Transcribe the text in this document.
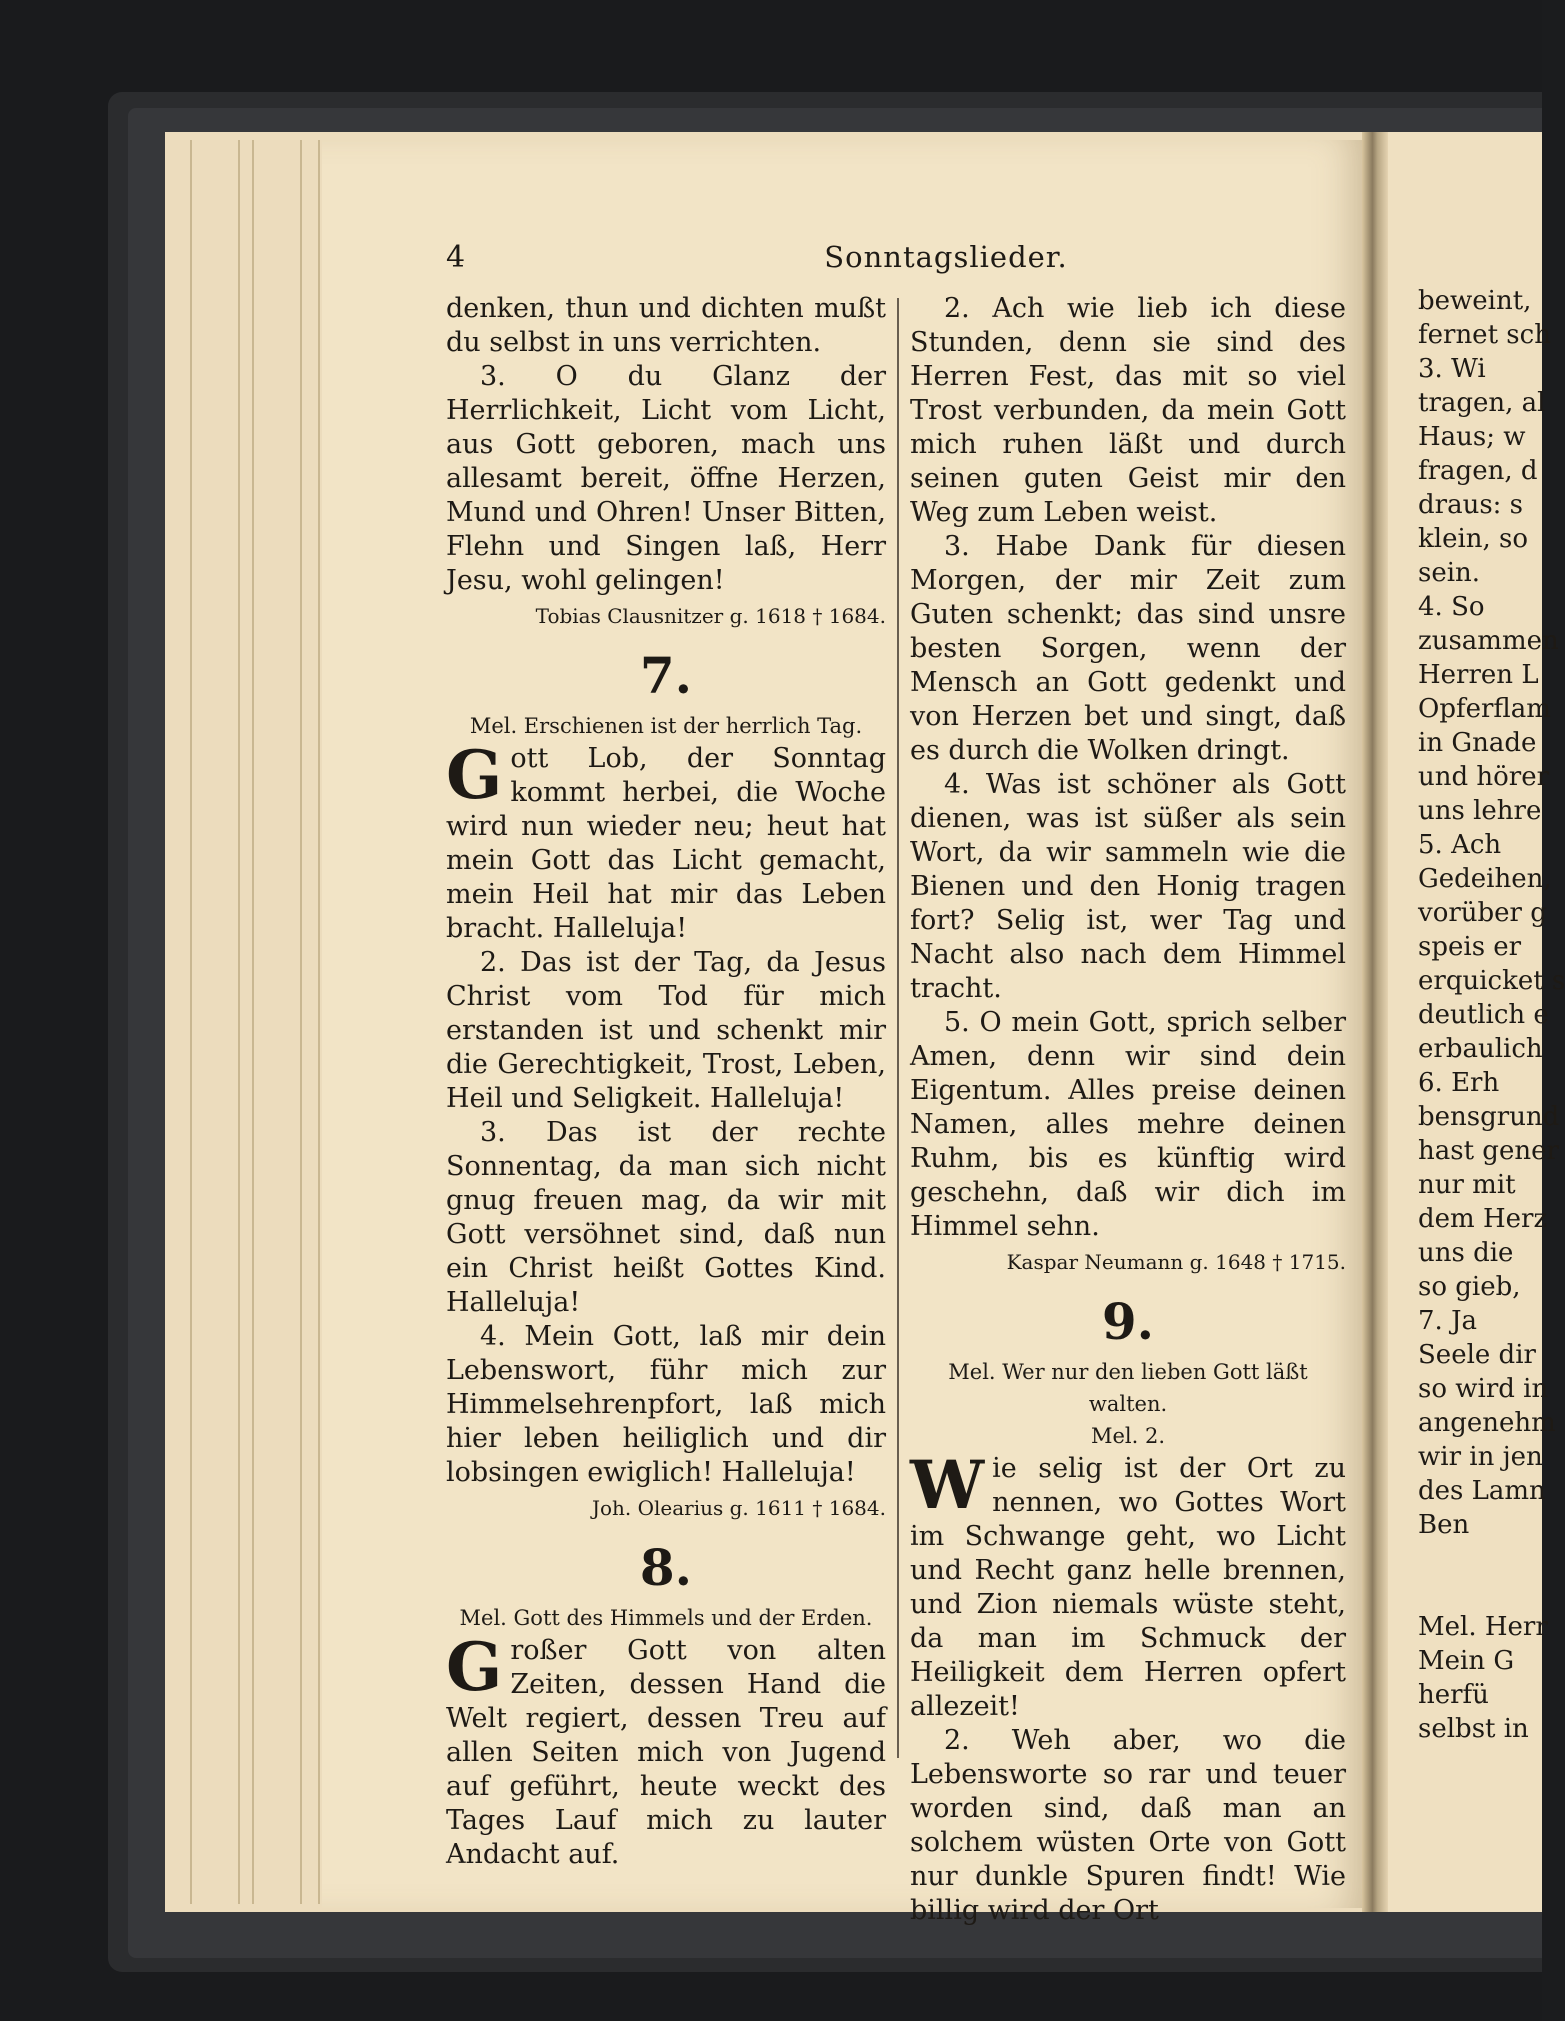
4	Sonntagslieder.

denken, thun und dichten mußt du selbst in uns verrichten.

3. O du Glanz der Herrlichkeit, Licht vom Licht, aus Gott geboren, mach uns allesamt bereit, öffne Herzen, Mund und Ohren! Unser Bitten, Flehn und Singen laß, Herr Jesu, wohl gelingen!

Tobias Clausnitzer g. 1618 † 1684.

7.

Mel. Erschienen ist der herrlich Tag.

Gott Lob, der Sonntag kommt herbei, die Woche wird nun wieder neu; heut hat mein Gott das Licht gemacht, mein Heil hat mir das Leben bracht. Halleluja!

2. Das ist der Tag, da Jesus Christ vom Tod für mich erstanden ist und schenkt mir die Gerechtigkeit, Trost, Leben, Heil und Seligkeit. Halleluja!

3. Das ist der rechte Sonnentag, da man sich nicht gnug freuen mag, da wir mit Gott versöhnet sind, daß nun ein Christ heißt Gottes Kind. Halleluja!

4. Mein Gott, laß mir dein Lebenswort, führ mich zur Himmelsehrenpfort, laß mich hier leben heiliglich und dir lobsingen ewiglich! Halleluja!

Joh. Olearius g. 1611 † 1684.

8.

Mel. Gott des Himmels und der Erden.

Großer Gott von alten Zeiten, dessen Hand die Welt regiert, dessen Treu auf allen Seiten mich von Jugend auf geführt, heute weckt des Tages Lauf mich zu lauter Andacht auf.

2. Ach wie lieb ich diese Stunden, denn sie sind des Herren Fest, das mit so viel Trost verbunden, da mein Gott mich ruhen läßt und durch seinen guten Geist mir den Weg zum Leben weist.

3. Habe Dank für diesen Morgen, der mir Zeit zum Guten schenkt; das sind unsre besten Sorgen, wenn der Mensch an Gott gedenkt und von Herzen bet und singt, daß es durch die Wolken dringt.

4. Was ist schöner als Gott dienen, was ist süßer als sein Wort, da wir sammeln wie die Bienen und den Honig tragen fort? Selig ist, wer Tag und Nacht also nach dem Himmel tracht.

5. O mein Gott, sprich selber Amen, denn wir sind dein Eigentum. Alles preise deinen Namen, alles mehre deinen Ruhm, bis es künftig wird geschehn, daß wir dich im Himmel sehn.

Kaspar Neumann g. 1648 † 1715.

9.

Mel. Wer nur den lieben Gott läßt walten.

Mel. 2.

Wie selig ist der Ort zu nennen, wo Gottes Wort im Schwange geht, wo Licht und Recht ganz helle brennen, und Zion niemals wüste steht, da man im Schmuck der Heiligkeit dem Herren opfert allezeit!

2. Weh aber, wo die Lebensworte so rar und teuer worden sind, daß man an solchem wüsten Orte von Gott nur dunkle Spuren findt! Wie billig wird der Ort

beweint,
fernet sch
3. Wi
tragen, al
Haus; w
fragen, d
draus: s
klein, so
sein.
4. So
zusammen
Herren L
Opferflam
in Gnade
und hörer
uns lehre
5. Ach
Gedeihen,
vorüber g
speis er
erquicket s
deutlich e
erbaulich
6. Erh
bensgrund
hast gener
nur mit
dem Herz
uns die
so gieb,
7. Ja
Seele dir
so wird in
angenehm
wir in jen
des Lamn
Ben
Mel. Herr
Mein G
herfü
selbst in
